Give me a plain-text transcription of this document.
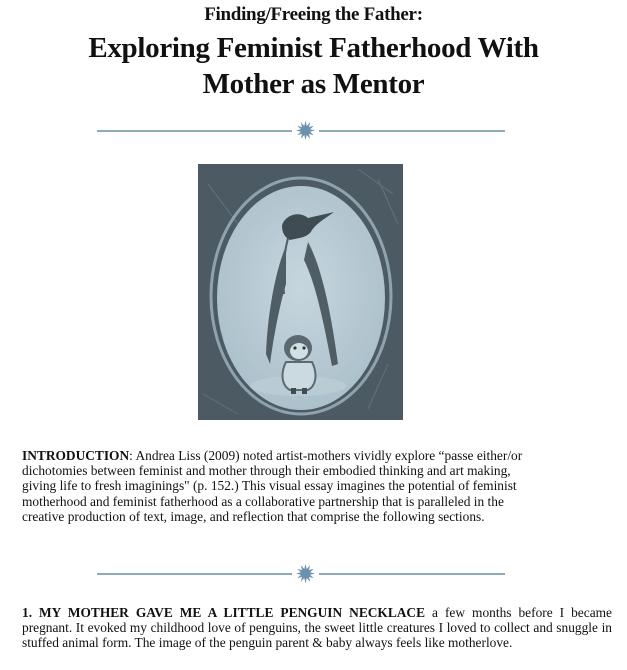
Finding/Freeing the Father:
Exploring Feminist Fatherhood With
Mother as Mentor
INTRODUCTION: Andrea Liss (2009) noted artist-mothers vividly explore “passe either/or
dichotomies between feminist and mother through their embodied thinking and art making,
giving life to fresh imaginings" (p. 152.) This visual essay imagines the potential of feminist
motherhood and feminist fatherhood as a collaborative partnership that is paralleled in the
creative production of text, image, and reflection that comprise the following sections.
1. MY MOTHER GAVE ME A LITTLE PENGUIN NECKLACE a few months before I became pregnant. It evoked my childhood love of penguins, the sweet little creatures I loved to collect and snuggle in stuffed animal form. The image of the penguin parent & baby always feels like motherlove.
